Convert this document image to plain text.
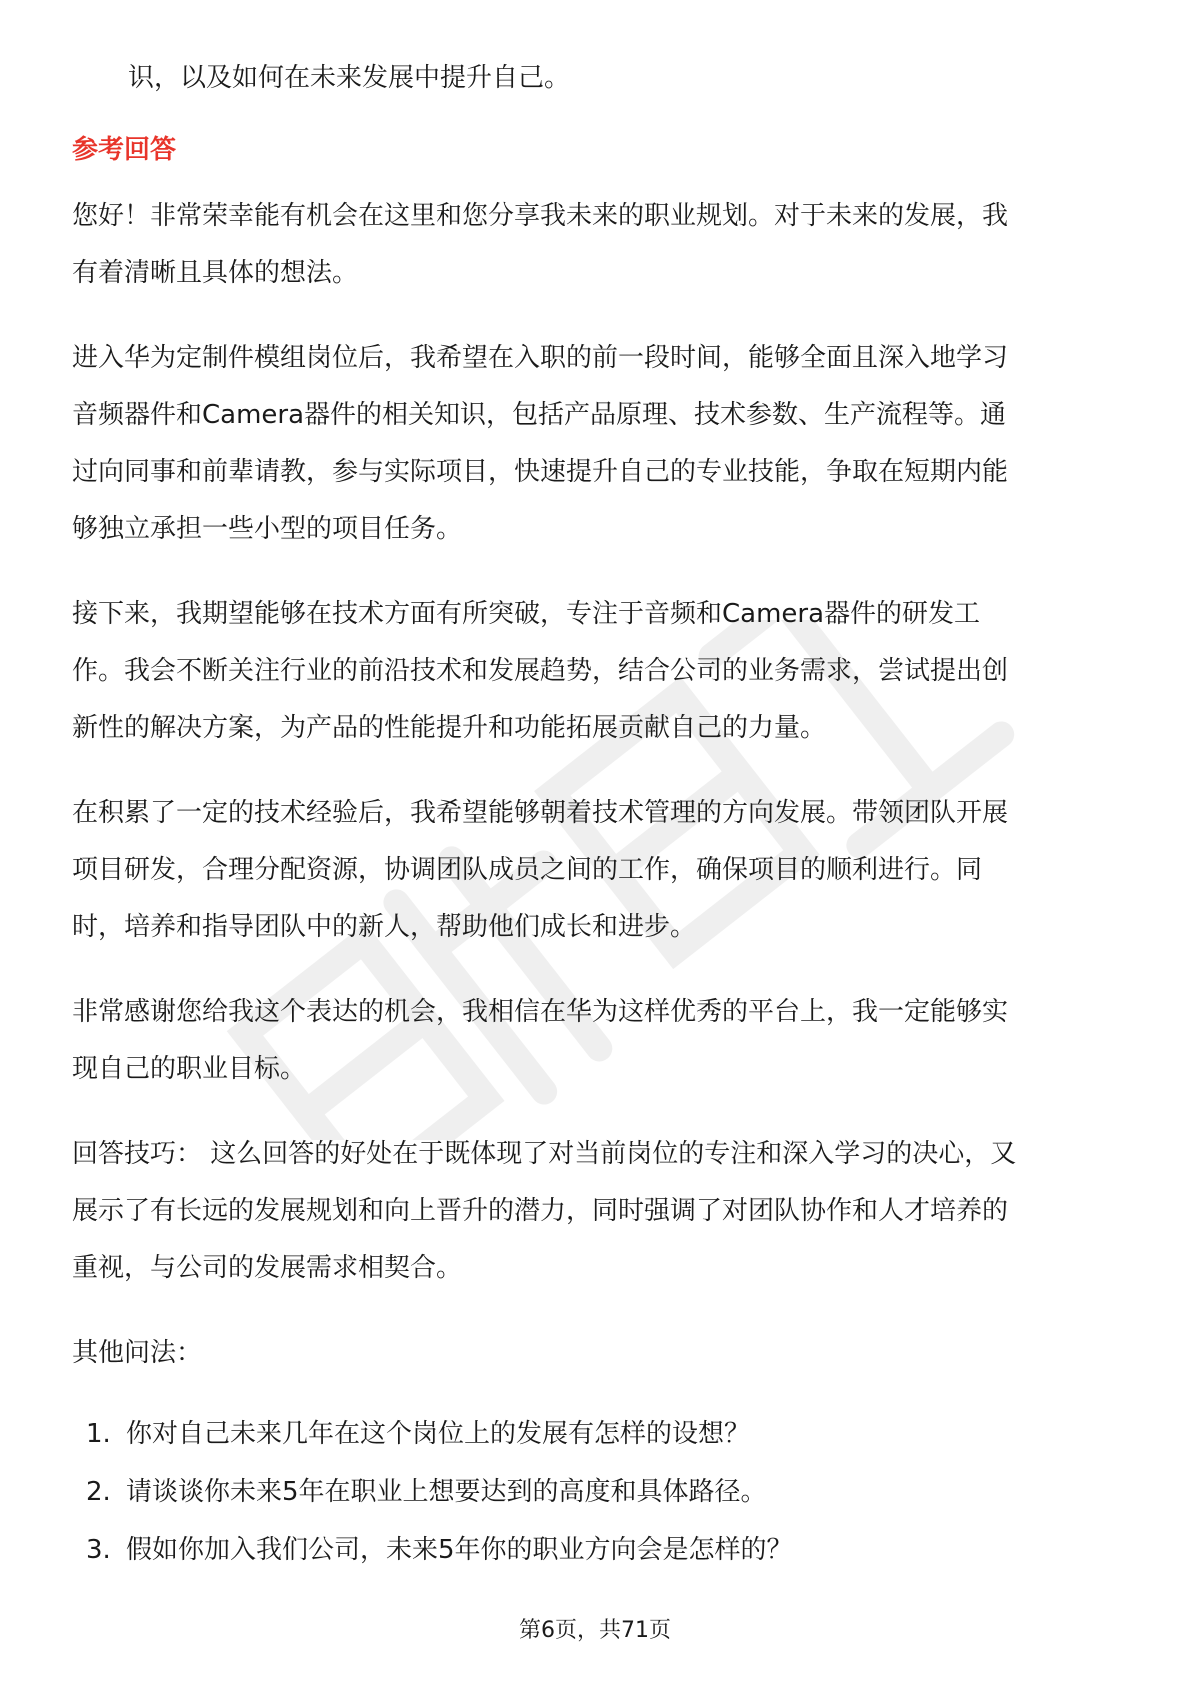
识，以及如何在未来发展中提升自己。

参考回答
您好！非常荣幸能有机会在这里和您分享我未来的职业规划。对于未来的发展，我
有着清晰且具体的想法。
进入华为定制件模组岗位后，我希望在入职的前一段时间，能够全面且深入地学习
音频器件和Camera器件的相关知识，包括产品原理、技术参数、生产流程等。通
过向同事和前辈请教，参与实际项目，快速提升自己的专业技能，争取在短期内能
够独立承担一些小型的项目任务。
接下来，我期望能够在技术方面有所突破，专注于音频和Camera器件的研发工
作。我会不断关注行业的前沿技术和发展趋势，结合公司的业务需求，尝试提出创
新性的解决方案，为产品的性能提升和功能拓展贡献自己的力量。
在积累了一定的技术经验后，我希望能够朝着技术管理的方向发展。带领团队开展
项目研发，合理分配资源，协调团队成员之间的工作，确保项目的顺利进行。同
时，培养和指导团队中的新人，帮助他们成长和进步。
非常感谢您给我这个表达的机会，我相信在华为这样优秀的平台上，我一定能够实
现自己的职业目标。
回答技巧： 这么回答的好处在于既体现了对当前岗位的专注和深入学习的决心，又
展示了有长远的发展规划和向上晋升的潜力，同时强调了对团队协作和人才培养的
重视，与公司的发展需求相契合。

其他问法：

1. 你对自己未来几年在这个岗位上的发展有怎样的设想？
2. 请谈谈你未来5年在职业上想要达到的高度和具体路径。
3. 假如你加入我们公司，未来5年你的职业方向会是怎样的？
第6页，共71页
